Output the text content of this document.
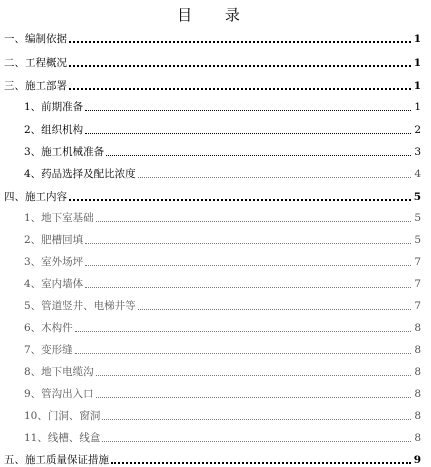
目 录
一、编制依据	1
二、工程概况	1
三、施工部署	1
1、前期准备	1
2、组织机构	2
3、施工机械准备	3
4、药品选择及配比浓度	4
四、施工内容	5
1、地下室基础	5
2、肥槽回填	5
3、室外场坪	7
4、室内墙体	7
5、管道竖井、电梯井等	7
6、木构件	8
7、变形缝	8
8、地下电缆沟	8
9、管沟出入口	8
10、门洞、窗洞	8
11、线槽、线盒	8
五、施工质量保证措施	9
